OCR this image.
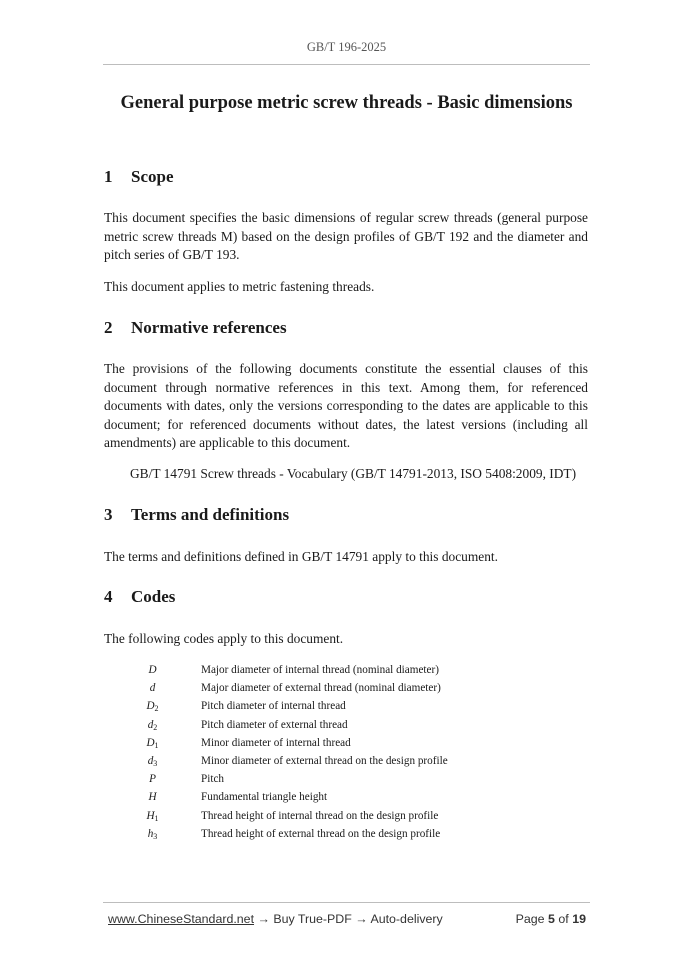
GB/T 196-2025
General purpose metric screw threads - Basic dimensions
1 Scope

This document specifies the basic dimensions of regular screw threads (general purpose metric screw threads M) based on the design profiles of GB/T 192 and the diameter and pitch series of GB/T 193.

This document applies to metric fastening threads.

2 Normative references

The provisions of the following documents constitute the essential clauses of this document through normative references in this text. Among them, for referenced documents with dates, only the versions corresponding to the dates are applicable to this document; for referenced documents without dates, the latest versions (including all amendments) are applicable to this document.

GB/T 14791 Screw threads - Vocabulary (GB/T 14791-2013, ISO 5408:2009, IDT)

3 Terms and definitions

The terms and definitions defined in GB/T 14791 apply to this document.

4 Codes

The following codes apply to this document.

D	Major diameter of internal thread (nominal diameter)
d	Major diameter of external thread (nominal diameter)
$D_2$	Pitch diameter of internal thread
$d_2$	Pitch diameter of external thread
$D_1$	Minor diameter of internal thread
$d_3$	Minor diameter of external thread on the design profile
P	Pitch
H	Fundamental triangle height
$H_1$	Thread height of internal thread on the design profile
$h_3$	Thread height of external thread on the design profile
www.ChineseStandard.net → Buy True-PDF → Auto-delivery	Page 5 of 19
